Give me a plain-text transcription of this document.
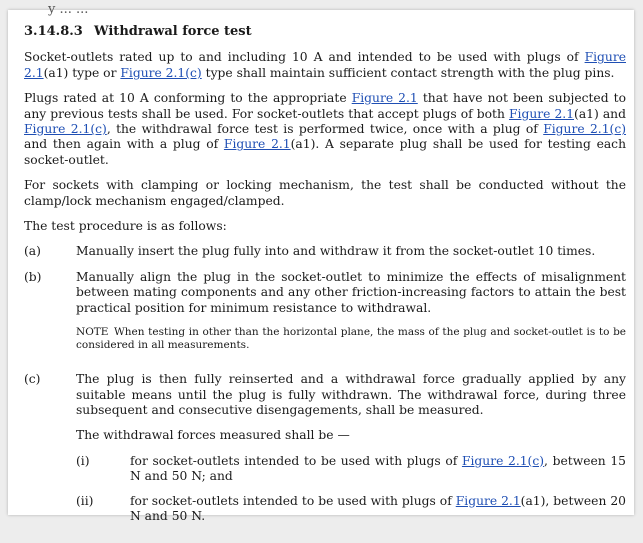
y ... ...
3.14.8.3 Withdrawal force test

Socket-outlets rated up to and including 10 A and intended to be used with plugs of Figure 2.1(a1) type or Figure 2.1(c) type shall maintain sufficient contact strength with the plug pins.

Plugs rated at 10 A conforming to the appropriate Figure 2.1 that have not been subjected to any previous tests shall be used. For socket-outlets that accept plugs of both Figure 2.1(a1) and Figure 2.1(c), the withdrawal force test is performed twice, once with a plug of Figure 2.1(c) and then again with a plug of Figure 2.1(a1). A separate plug shall be used for testing each socket-outlet.

For sockets with clamping or locking mechanism, the test shall be conducted without the clamp/lock mechanism engaged/clamped.

The test procedure is as follows:

(a)	Manually insert the plug fully into and withdraw it from the socket-outlet 10 times.
(b)	Manually align the plug in the socket-outlet to minimize the effects of misalignment between mating components and any other friction-increasing factors to attain the best practical position for minimum resistance to withdrawal.
NOTE When testing in other than the horizontal plane, the mass of the plug and socket-outlet is to be considered in all measurements.
(c)	The plug is then fully reinserted and a withdrawal force gradually applied by any suitable means until the plug is fully withdrawn. The withdrawal force, during three subsequent and consecutive disengagements, shall be measured.
The withdrawal forces measured shall be —
(i)	for socket-outlets intended to be used with plugs of Figure 2.1(c), between 15 N and 50 N; and
(ii)	for socket-outlets intended to be used with plugs of Figure 2.1(a1), between 20 N and 50 N.
